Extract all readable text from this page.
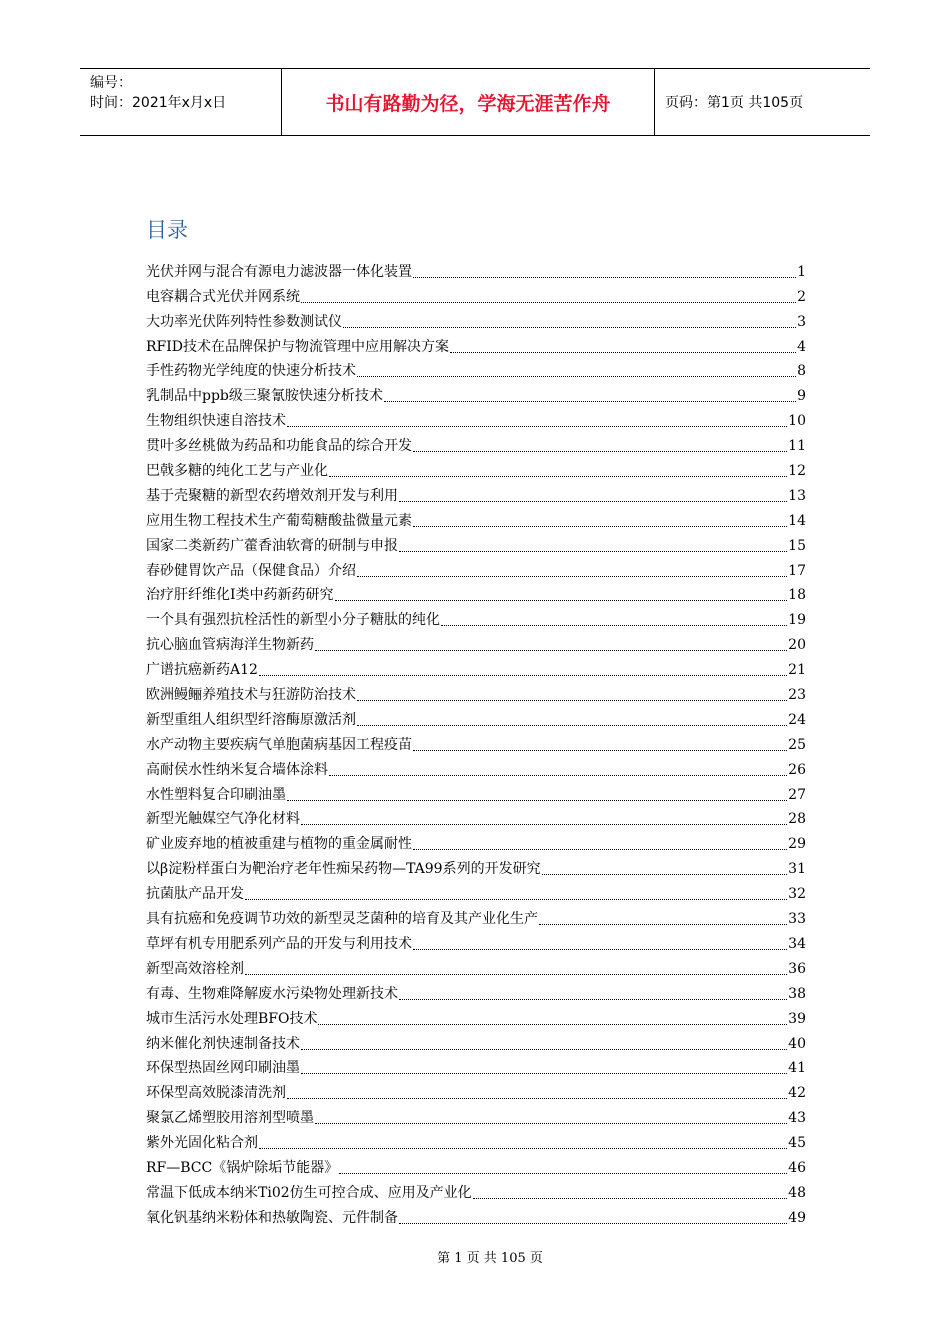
编号：
时间：2021年x月x日	书山有路勤为径，学海无涯苦作舟	页码：第1页 共105页
目录
光伏并网与混合有源电力滤波器一体化装置	1
电容耦合式光伏并网系统	2
大功率光伏阵列特性参数测试仪	3
RFID技术在品牌保护与物流管理中应用解决方案	4
手性药物光学纯度的快速分析技术	8
乳制品中ppb级三聚氰胺快速分析技术	9
生物组织快速自溶技术	10
贯叶多丝桃做为药品和功能食品的综合开发	11
巴戟多糖的纯化工艺与产业化	12
基于壳聚糖的新型农药增效剂开发与利用	13
应用生物工程技术生产葡萄糖酸盐微量元素	14
国家二类新药广藿香油软膏的研制与申报	15
春砂健胃饮产品（保健食品）介绍	17
治疗肝纤维化I类中药新药研究	18
一个具有强烈抗栓活性的新型小分子糖肽的纯化	19
抗心脑血管病海洋生物新药	20
广谱抗癌新药A12	21
欧洲鳗鲡养殖技术与狂游防治技术	23
新型重组人组织型纤溶酶原激活剂	24
水产动物主要疾病气单胞菌病基因工程疫苗	25
高耐侯水性纳米复合墙体涂料	26
水性塑料复合印刷油墨	27
新型光触媒空气净化材料	28
矿业废弃地的植被重建与植物的重金属耐性	29
以β淀粉样蛋白为靶治疗老年性痴呆药物—TA99系列的开发研究	31
抗菌肽产品开发	32
具有抗癌和免疫调节功效的新型灵芝菌种的培育及其产业化生产	33
草坪有机专用肥系列产品的开发与利用技术	34
新型高效溶栓剂	36
有毒、生物难降解废水污染物处理新技术	38
城市生活污水处理BFO技术	39
纳米催化剂快速制备技术	40
环保型热固丝网印刷油墨	41
环保型高效脱漆清洗剂	42
聚氯乙烯塑胶用溶剂型喷墨	43
紫外光固化粘合剂	45
RF—BCC《锅炉除垢节能器》	46
常温下低成本纳米Ti02仿生可控合成、应用及产业化	48
氧化钒基纳米粉体和热敏陶瓷、元件制备	49
第 1 页 共 105 页
